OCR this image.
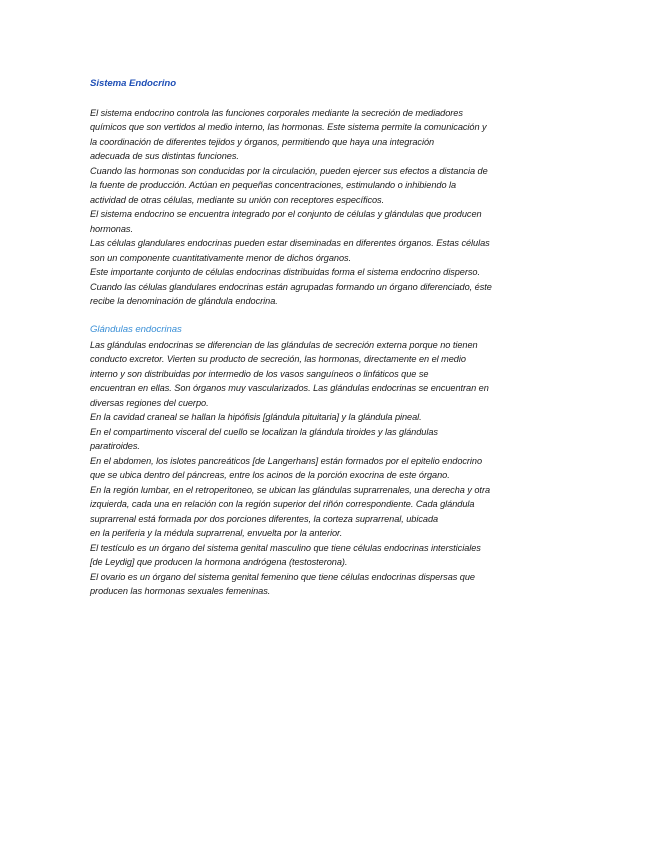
Sistema Endocrino

El sistema endocrino controla las funciones corporales mediante la secreción de mediadores

químicos que son vertidos al medio interno, las hormonas. Este sistema permite la comunicación y

la coordinación de diferentes tejidos y órganos, permitiendo que haya una integración

adecuada de sus distintas funciones.

Cuando las hormonas son conducidas por la circulación, pueden ejercer sus efectos a distancia de

la fuente de producción. Actúan en pequeñas concentraciones, estimulando o inhibiendo la

actividad de otras células, mediante su unión con receptores específicos.

El sistema endocrino se encuentra integrado por el conjunto de células y glándulas que producen

hormonas.

Las células glandulares endocrinas pueden estar diseminadas en diferentes órganos. Estas células

son un componente cuantitativamente menor de dichos órganos.

Este importante conjunto de células endocrinas distribuidas forma el sistema endocrino disperso.

Cuando las células glandulares endocrinas están agrupadas formando un órgano diferenciado, éste

recibe la denominación de glándula endocrina.

Glándulas endocrinas

Las glándulas endocrinas se diferencian de las glándulas de secreción externa porque no tienen

conducto excretor. Vierten su producto de secreción, las hormonas, directamente en el medio

interno y son distribuidas por intermedio de los vasos sanguíneos o linfáticos que se

encuentran en ellas. Son órganos muy vascularizados. Las glándulas endocrinas se encuentran en

diversas regiones del cuerpo.

En la cavidad craneal se hallan la hipófisis [glándula pituitaria] y la glándula pineal.

En el compartimento visceral del cuello se localizan la glándula tiroides y las glándulas

paratiroides.

En el abdomen, los islotes pancreáticos [de Langerhans] están formados por el epitelio endocrino

que se ubica dentro del páncreas, entre los acinos de la porción exocrina de este órgano.

En la región lumbar, en el retroperitoneo, se ubican las glándulas suprarrenales, una derecha y otra

izquierda, cada una en relación con la región superior del riñón correspondiente. Cada glándula

suprarrenal está formada por dos porciones diferentes, la corteza suprarrenal, ubicada

en la periferia y la médula suprarrenal, envuelta por la anterior.

El testículo es un órgano del sistema genital masculino que tiene células endocrinas intersticiales

[de Leydig] que producen la hormona andrógena (testosterona).

El ovario es un órgano del sistema genital femenino que tiene células endocrinas dispersas que

producen las hormonas sexuales femeninas.
